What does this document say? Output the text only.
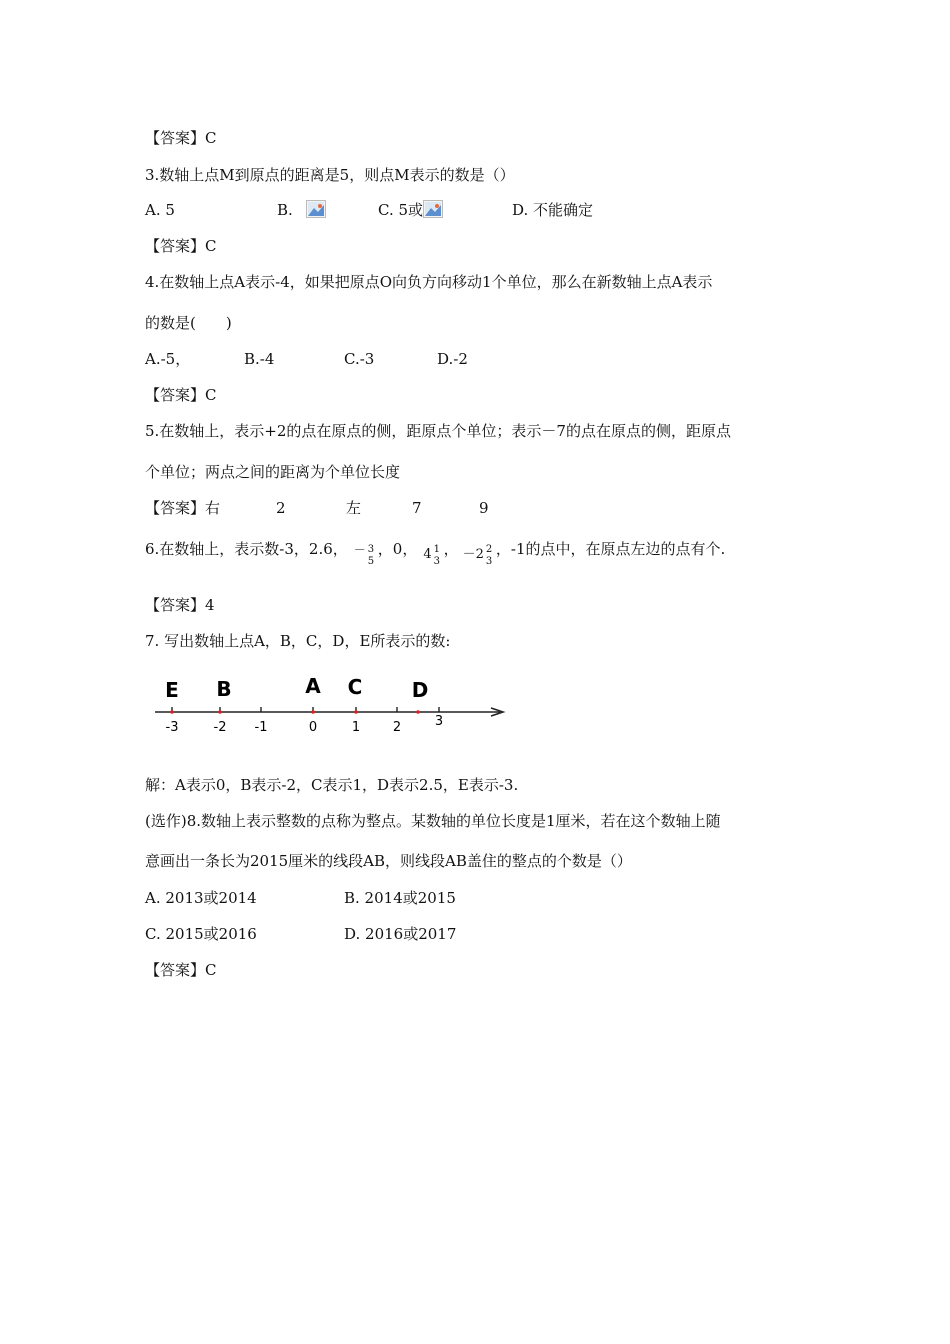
【答案】C
3.数轴上点M到原点的距离是5，则点M表示的数是（）
A. 5	B.	C. 5或	D. 不能确定
【答案】C
4.在数轴上点A表示-4，如果把原点O向负方向移动1个单位，那么在新数轴上点A表示
的数是(　　)
A.-5，	B.-4	C.-3	D.-2
【答案】C
5.在数轴上，表示+2的点在原点的侧，距原点个单位；表示－7的点在原点的侧，距原点
个单位；两点之间的距离为个单位长度
【答案】右	2	左	7	9
6.在数轴上，表示数-3，2.6， － 3
5
，0， 4 1
3
， －2 2
3
，-1的点中，在原点左边的点有个.
【答案】4
7. 写出数轴上点A，B，C，D，E所表示的数:
E B	A C D
-3	-2 -1	0	1	2	3
解：A表示0，B表示-2，C表示1，D表示2.5，E表示-3.
(选作)8.数轴上表示整数的点称为整点。某数轴的单位长度是1厘米，若在这个数轴上随
意画出一条长为2015厘米的线段AB，则线段AB盖住的整点的个数是（）
A. 2013或2014	B. 2014或2015
C. 2015或2016	D. 2016或2017
【答案】C
